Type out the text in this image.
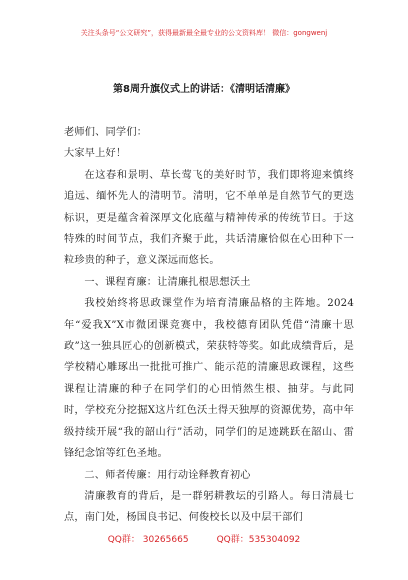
关注头条号“公文研究”，获得最新最全最专业的公文资料库！ 微信：gongwenj
第8周升旗仪式上的讲话：《清明话清廉》

老师们、同学们：

大家早上好！

在这春和景明、草长莺飞的美好时节，我们即将迎来慎终追远、缅怀先人的清明节。清明，它不单单是自然节气的更迭标识，更是蕴含着深厚文化底蕴与精神传承的传统节日。于这特殊的时间节点，我们齐聚于此，共话清廉恰似在心田种下一粒珍贵的种子，意义深远而悠长。

一、课程育廉：让清廉扎根思想沃土

我校始终将思政课堂作为培育清廉品格的主阵地。2024年“爱我X”X市微团课竞赛中，我校德育团队凭借“清廉十思政”这一独具匠心的创新模式，荣获特等奖。如此成绩背后，是学校精心雕琢出一批批可推广、能示范的清廉思政课程，这些课程让清廉的种子在同学们的心田悄然生根、抽芽。与此同时，学校充分挖掘X这片红色沃土得天独厚的资源优势，高中年级持续开展“我的韶山行”活动，同学们的足迹跳跃在韶山、雷锋纪念馆等红色圣地。

二、师者传廉：用行动诠释教育初心

清廉教育的背后，是一群躬耕教坛的引路人。每日清晨七点，南门处，杨国良书记、何俊校长以及中层干部们

QQ群： 30265665	QQ群：535304092
